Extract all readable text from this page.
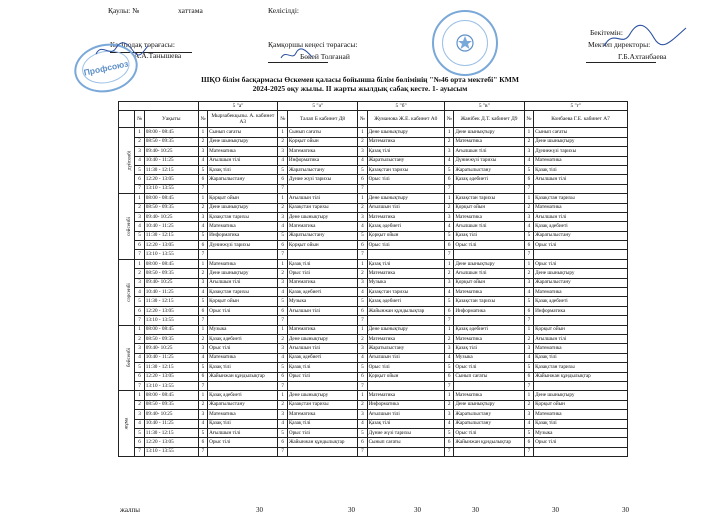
Қаулы: №	хаттама	Келісілді:
Бекітемін:
Кәсіподақ төрағасы:	Қамқоршы кеңесі төрағасы:	Мектеп директоры:
А.А.Танышева	Бөкей Толғанай	Г.Б.Ахтанбаева
Профсоюз
ШҚО білім басқармасы Өскемен қаласы бойынша білім бөлімінің "№46 орта мектебі" КММ
2024-2025 оқу жылы. ІІ жарты жылдық сабақ кесте. 1- ауысым
			5 "а"		5 "ә"		5 "б"		5 "в"		5 "г"	
	№	Уақыты	№	Мырзабекқызы. А. кабинет А3	№	Талап Б кабинет Д8	№	Жуманова Ж.Е. кабинет А0	№	Жанібек Д.Т. кабинет Д9	№	Конбаева Г.Е. кабинет А7
дүйсенбі	1	08:00 - 08:45	1	Сынып сағаты	1	Сынып сағаты	1	Дене шынықтыру	1	Дене шынықтыру	1	Сынып сағаты
	2	08:50 - 09:35	2	Дене шынықтыру	2	Қорқыт ойын	2	Математика	2	Математика	2	Дене шынықтыру
	3	09:40- 10:25	3	Математика	3	Математика	3	Қазақ тілі	3	Ағылшын тілі	3	Дүниежүзі тарихы
	4	10:40 - 11:25	4	Ағылшын тілі	4	Информатика	4	Жаратылыстану	4	Дүниежүзі тарихы	4	Математика
	5	11:30 - 12:15	5	Қазақ тілі	5	Жаратылыстану	5	Қазақстан тарихы	5	Жаратылыстану	5	Қазақ тілі
	6	12:20 - 13:05	6	Жаратылыстану	6	Дүние жүзі тарихы	6	Орыс тілі	6	Қазақ әдебиеті	6	Ағылшын тілі
	7	13:10 - 13:55	7		7		7		7		7	
сейсенбі	1	08:00 - 08:45	1	Қорқыт ойын	1	Ағылшын тілі	1	Дене шынықтыру	1	Қазақстан тарихы	1	Қазақстан тарихы
	2	08:50 - 09:35	2	Дене шынықтыру	2	Қазақстан тарихы	2	Ағылшын тілі	2	Қорқыт ойын	2	Математика
	3	09:40- 10:25	3	Қазақстан тарихы	3	Дене шынықтыру	3	Математика	3	Математика	3	Ағылшын тілі
	4	10:40 - 11:25	4	Математика	4	Математика	4	Қазақ әдебиеті	4	Ағылшын тілі	4	Қазақ әдебиеті
	5	11:30 - 12:15	5	Информатика	5	Жаратылыстану	5	Қорқыт ойын	5	Қазақ тілі	5	Жаратылыстану
	6	12:20 - 13:05	6	Дүниежүзі тарихы	6	Қорқыт ойын	6	Орыс тілі	6	Орыс тілі	6	Орыс тілі
	7	13:10 - 13:55	7		7		7		7		7	
сәрсенбі	1	08:00 - 08:45	1	Математика	1	Қазақ тілі	1	Қазақ тілі	1	Дене шынықтыру	1	Орыс тілі
	2	08:50 - 09:35	2	Дене шынықтыру	2	Орыс тілі	2	Математика	2	Ағылшын тілі	2	Дене шынықтыру
	3	09:40- 10:25	3	Ағылшын тілі	3	Математика	3	Музыка	3	Қорқыт ойын	3	Жаратылыстану
	4	10:40 - 11:25	4	Қазақстан тарихы	4	Қазақ әдебиеті	4	Қазақстан тарихы	4	Математика	4	Математика
	5	11:30 - 12:15	5	Қорқыт ойын	5	Музыка	5	Қазақ әдебиеті	5	Қазақстан тарихы	5	Қазақ әдебиеті
	6	12:20 - 13:05	6	Орыс тілі	6	Ағылшын тілі	6	Жайынжан құндылықтар	6	Информатика	6	Информатика
	7	13:10 - 13:55	7		7		7		7		7	
бейсенбі	1	08:00 - 08:45	1	Музыка	1	Математика	1	Дене шынықтыру	1	Қазақ әдебиеті	1	Қорқыт ойын
	2	08:50 - 09:35	2	Қазақ әдебиеті	2	Дене шынықтыру	2	Математика	2	Математика	2	Ағылшын тілі
	3	09:40- 10:25	3	Орыс тілі	3	Ағылшын тілі	3	Жаратылыстану	3	Қазақ тілі	3	Математика
	4	10:40 - 11:25	4	Математика	4	Қазақ әдебиеті	4	Ағылшын тілі	4	Музыка	4	Қазақ тілі
	5	11:30 - 12:15	5	Қазақ тілі	5	Қазақ тілі	5	Орыс тілі	5	Орыс тілі	5	Қазақстан тарихы
	6	12:20 - 13:05	6	Жайынжан құндылықтар	6	Орыс тілі	6	Қорқыт ойын	6	Сынып сағаты	6	Жайынжан құндылықтар
	7	13:10 - 13:55	7		7		7		7		7	
жұма	1	08:00 - 08:45	1	Қазақ әдебиеті	1	Дене шынықтыру	1	Математика	1	Математика	1	Дене шынықтыру
	2	08:50 - 09:35	2	Жаратылыстану	2	Қазақстан тарихы	2	Информатика	2	Дене шынықтыру	2	Қорқыт ойын
	3	09:40- 10:25	3	Математика	3	Математика	3	Ағылшын тілі	3	Жаратылыстану	3	Математика
	4	10:40 - 11:25	4	Қазақ тілі	4	Қазақ тілі	4	Қазақ тілі	4	Жаратылыстану	4	Қазақ тілі
	5	11:30 - 12:15	5	Ағылшын тілі	5	Орыс тілі	5	Дүние жүзі тарихы	5	Орыс тілі	5	Музыка
	6	12:20 - 13:05	6	Орыс тілі	6	Жайынжан құндылықтар	6	Сынып сағаты	6	Жайынжан құндылықтар	6	Орыс тілі
	7	13:10 - 13:55	7		7		7		7		7	
жалпы	30	30	30	30	30	30
